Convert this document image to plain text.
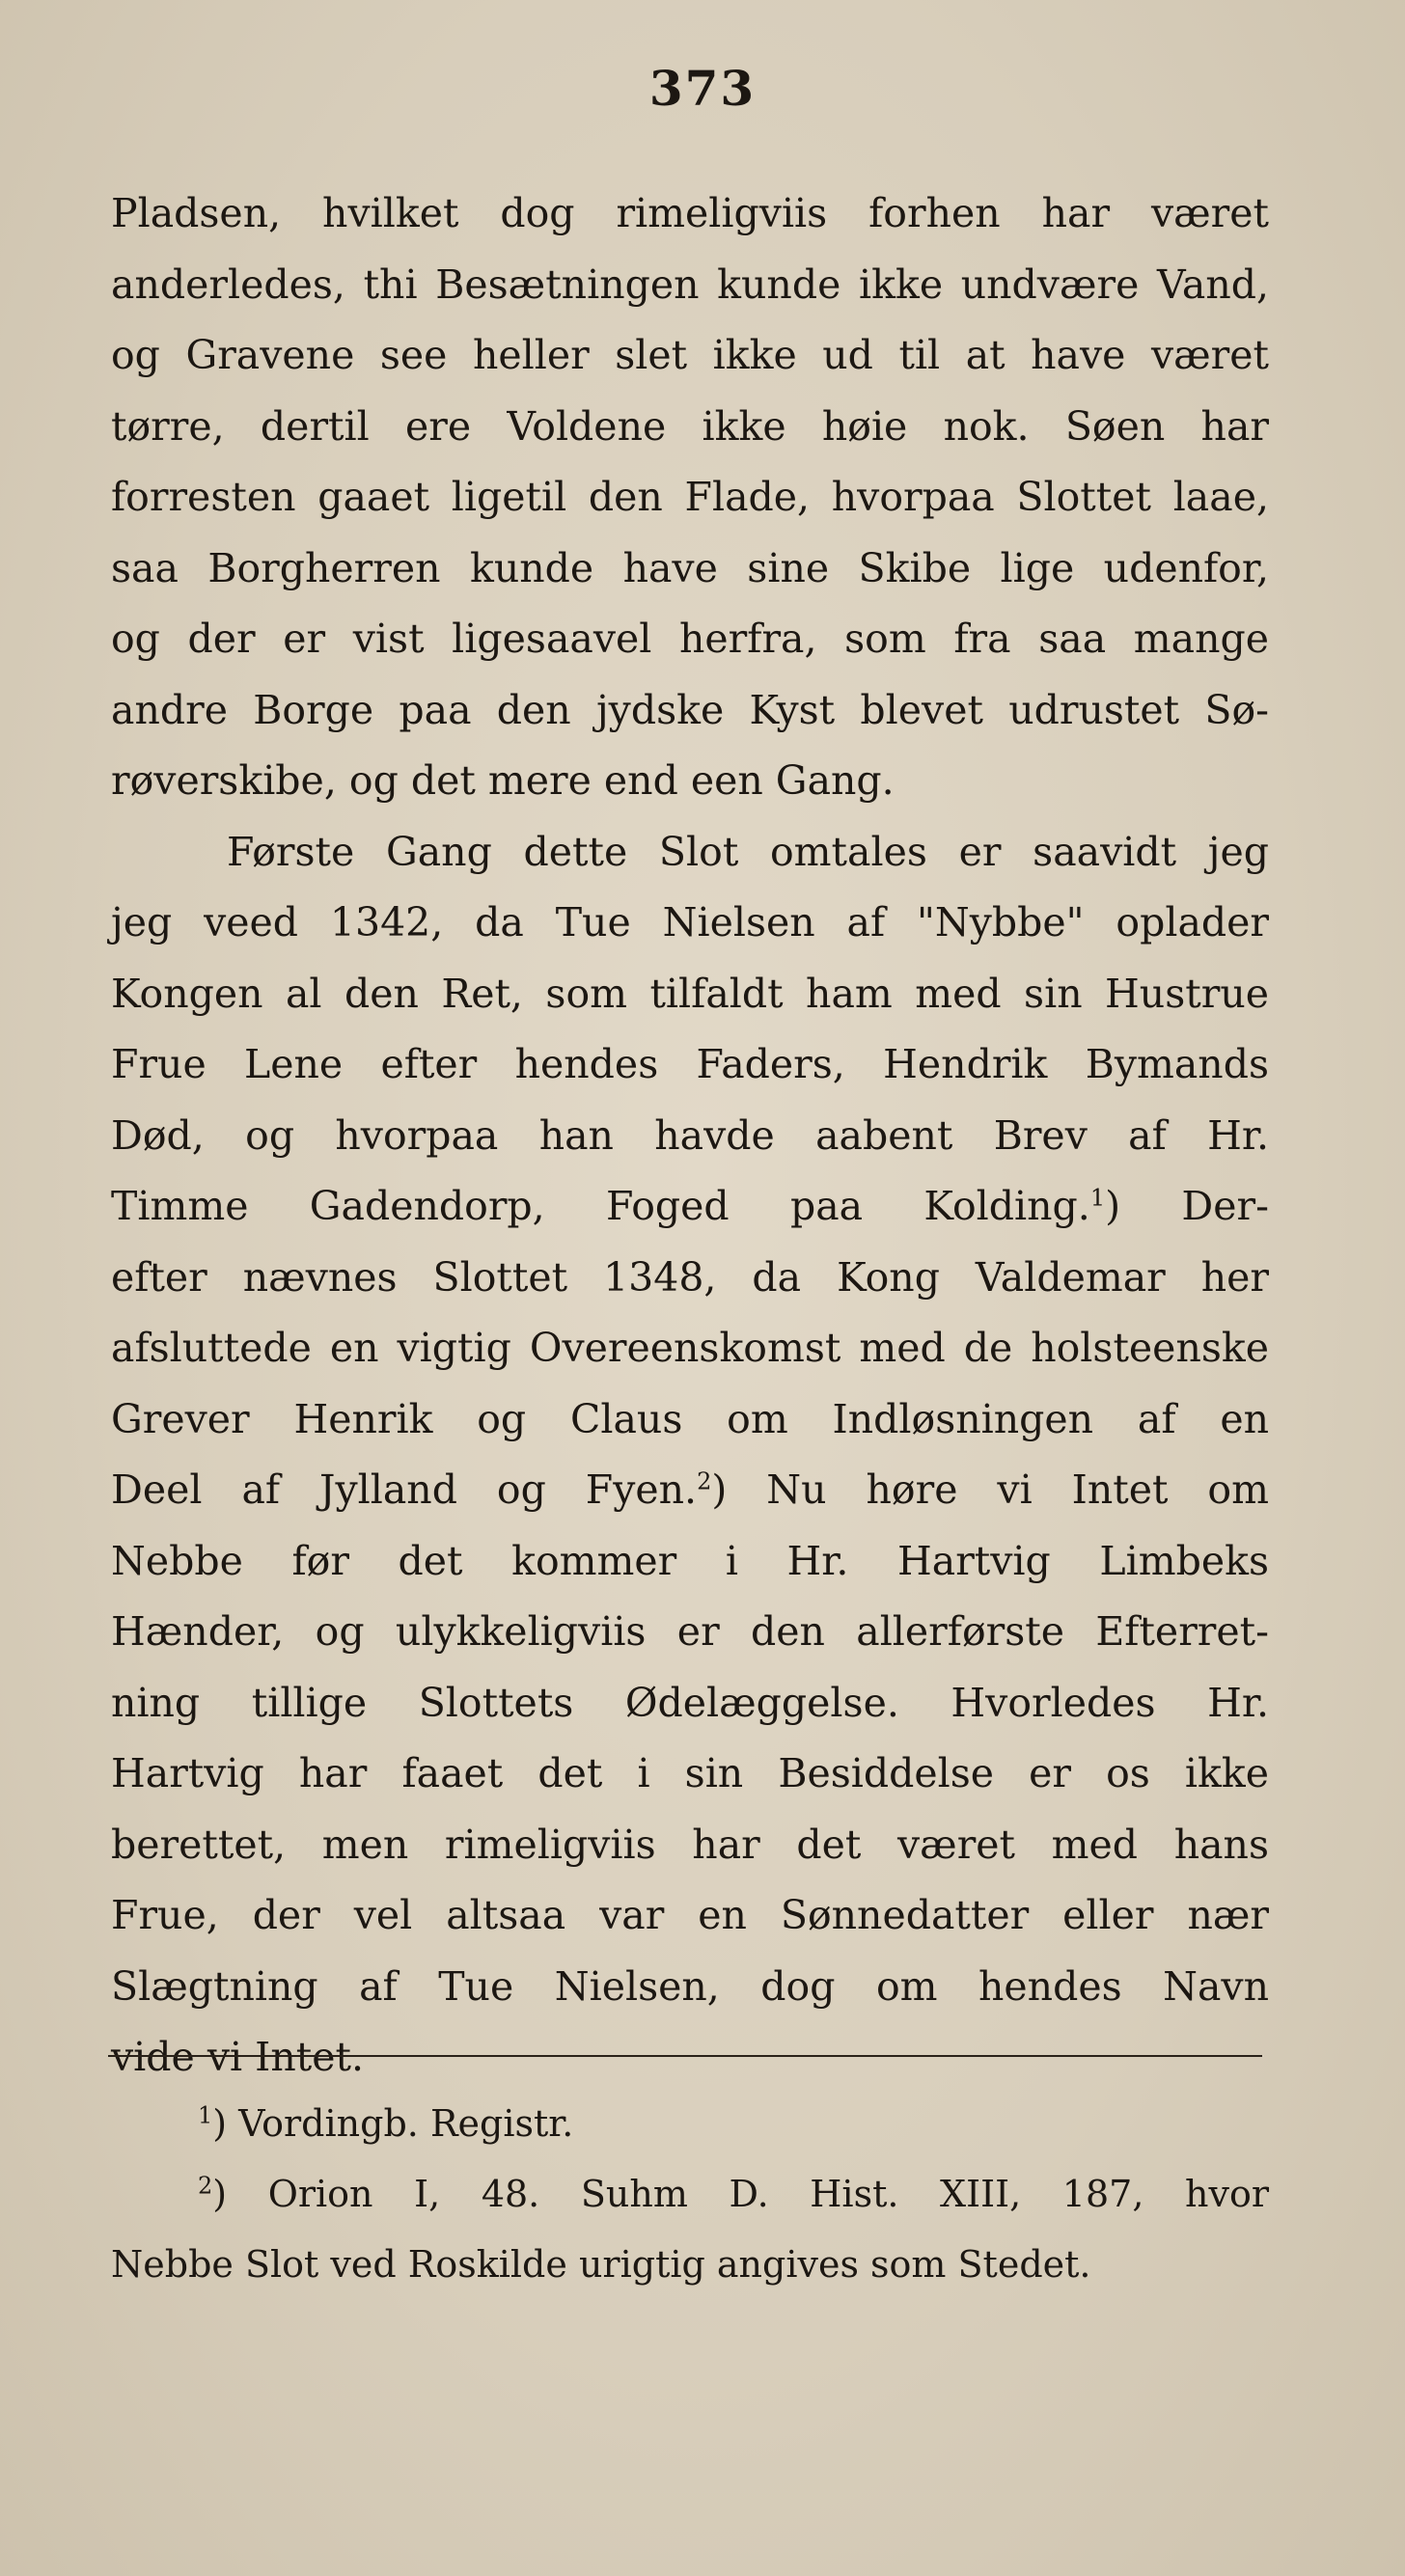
373
Pladsen, hvilket dog rimeligviis forhen har været
anderledes, thi Besætningen kunde ikke undvære Vand,
og Gravene see heller slet ikke ud til at have været
tørre, dertil ere Voldene ikke høie nok. Søen har
forresten gaaet ligetil den Flade, hvorpaa Slottet laae,
saa Borgherren kunde have sine Skibe lige udenfor,
og der er vist ligesaavel herfra, som fra saa mange
andre Borge paa den jydske Kyst blevet udrustet Sø-
røverskibe, og det mere end een Gang.
Første Gang dette Slot omtales er saavidt jeg
jeg veed 1342, da Tue Nielsen af "Nybbe" oplader
Kongen al den Ret, som tilfaldt ham med sin Hustrue
Frue Lene efter hendes Faders, Hendrik Bymands
Død, og hvorpaa han havde aabent Brev af Hr.
Timme Gadendorp, Foged paa Kolding.$^1$) Der-
efter nævnes Slottet 1348, da Kong Valdemar her
afsluttede en vigtig Overeenskomst med de holsteenske
Grever Henrik og Claus om Indløsningen af en
Deel af Jylland og Fyen.$^2$) Nu høre vi Intet om
Nebbe før det kommer i Hr. Hartvig Limbeks
Hænder, og ulykkeligviis er den allerførste Efterret-
ning tillige Slottets Ødelæggelse. Hvorledes Hr.
Hartvig har faaet det i sin Besiddelse er os ikke
berettet, men rimeligviis har det været med hans
Frue, der vel altsaa var en Sønnedatter eller nær
Slægtning af Tue Nielsen, dog om hendes Navn
vide vi Intet.
$^1$) Vordingb. Registr.
$^2$) Orion I, 48. Suhm D. Hist. XIII, 187, hvor
Nebbe Slot ved Roskilde urigtig angives som Stedet.
